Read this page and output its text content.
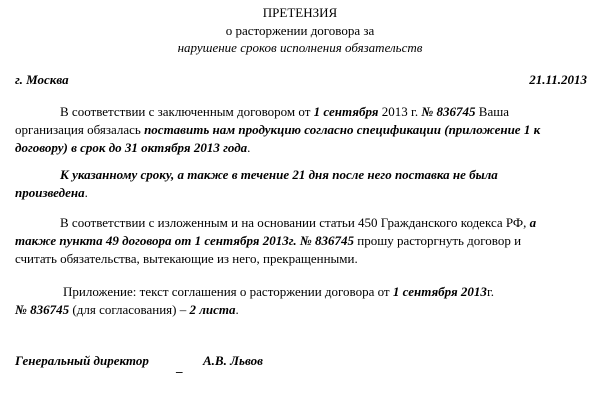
ПРЕТЕНЗИЯ
о расторжении договора за
нарушение сроков исполнения обязательств
г. Москва	21.11.2013
В соответствии с заключенным договором от 1 сентября 2013 г. № 836745 Ваша
организация обязалась поставить нам продукцию согласно спецификации (приложение 1 к
договору) в срок до 31 октября 2013 года.
К указанному сроку, а также в течение 21 дня после него поставка не была
произведена.
В соответствии с изложенным и на основании статьи 450 Гражданского кодекса РФ, а
также пункта 49 договора от 1 сентября 2013г. № 836745 прошу расторгнуть договор и
считать обязательства, вытекающие из него, прекращенными.
Приложение: текст соглашения о расторжении договора от 1 сентября 2013г.
№ 836745 (для согласования) – 2 листа.
Генеральный директор _ А.В. Львов
